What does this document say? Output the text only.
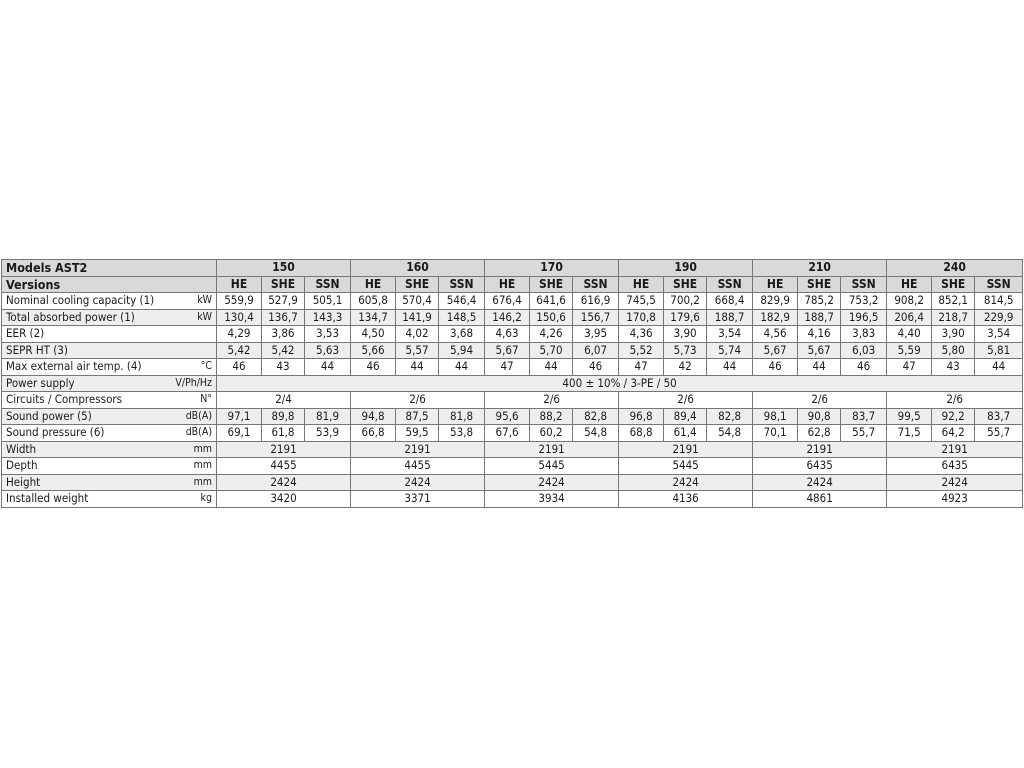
Models AST2		150			160			170			190			210			240		
Versions		HE	SHE	SSN	HE	SHE	SSN	HE	SHE	SSN	HE	SHE	SSN	HE	SHE	SSN	HE	SHE	SSN
Nominal cooling capacity (1)	kW	559,9	527,9	505,1	605,8	570,4	546,4	676,4	641,6	616,9	745,5	700,2	668,4	829,9	785,2	753,2	908,2	852,1	814,5
Total absorbed power (1)	kW	130,4	136,7	143,3	134,7	141,9	148,5	146,2	150,6	156,7	170,8	179,6	188,7	182,9	188,7	196,5	206,4	218,7	229,9
EER (2)		4,29	3,86	3,53	4,50	4,02	3,68	4,63	4,26	3,95	4,36	3,90	3,54	4,56	4,16	3,83	4,40	3,90	3,54
SEPR HT (3)		5,42	5,42	5,63	5,66	5,57	5,94	5,67	5,70	6,07	5,52	5,73	5,74	5,67	5,67	6,03	5,59	5,80	5,81
Max external air temp. (4)	°C	46	43	44	46	44	44	47	44	46	47	42	44	46	44	46	47	43	44
Power supply	V/Ph/Hz	400 ± 10% / 3-PE / 50																	
Circuits / Compressors	N°	2/4			2/6			2/6			2/6			2/6			2/6		
Sound power (5)	dB(A)	97,1	89,8	81,9	94,8	87,5	81,8	95,6	88,2	82,8	96,8	89,4	82,8	98,1	90,8	83,7	99,5	92,2	83,7
Sound pressure (6)	dB(A)	69,1	61,8	53,9	66,8	59,5	53,8	67,6	60,2	54,8	68,8	61,4	54,8	70,1	62,8	55,7	71,5	64,2	55,7
Width	mm	2191			2191			2191			2191			2191			2191		
Depth	mm	4455			4455			5445			5445			6435			6435		
Height	mm	2424			2424			2424			2424			2424			2424		
Installed weight	kg	3420			3371			3934			4136			4861			4923		
